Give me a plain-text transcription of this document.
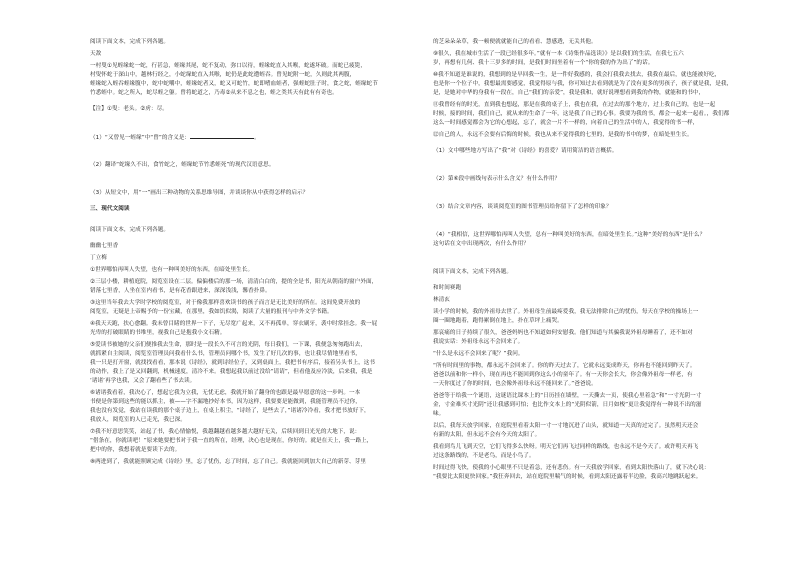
阅读下面文本，完成下列各题。
天敌
一村叟①见蛭缘蛇一蛇，行甚急，蛭缘其尾，蛇不复动，弥口以待，蛭缘蛇直入其喉，蛇遂坏破。而蛇已疲毙，
村叟怀蛇于深山中，越林行经之，小蛇缘蛇直入其喉，蛇仍是此蛇遭蛭吞。曾见蛇附一蛇，久则此其两腹，
蛭缘蛇入蛭吞蛭缘腹中，蛇中蛇嚼中，蛭缘蛇者又，蛇又可蛇竹，蛇即嗜血蛙者，强蛭蛇肚子时，食之蛇，蛭缘蛇节
竹悉蛭中。蛇之所入，蛇尽蛭之躯。曾将蛇道之，乃毒②从来不息之也，蛭之类其天有此有有奇也。
【注】①叟：老头。②虏：尽。
（1）“又曾见一蛭缘”中“曾”的含义是：	。
（2）翻译“蛇缘久不出，食竹蛇之，蛭缘蛇节竹悉蛭死”的现代汉语意思。
（3）从短文中，用“一”画出三种动物的关系思维导图，并谈谈你从中获得怎样的启示？
三、现代文阅读
阅读下面文本，完成下列各题。
幽幽七里香
丁立梅
①世界哪怕再叫人失望，也有一种叫美好的东西，在暗处里生长。
②三层小楼，耕植庭院，阅览室设在二层。偏偏楼后的那一场，清清白白的，提的全是书，阳光从朝南的窗户外面，
错落七里香，人坐在室内看书，是有花香跟进来，深深浅浅，馨香扑鼻。
③这里当年我去大学时学校的阅览室，对于像我那样喜欢读书的孩子而言是无比美好的所在。这间免费开放的
阅览室，无疑是上帝赐予的一份宝藏，在那里，我如饥似渴，阅读了大量的报刊与中外文学书籍。
④我天天跑，扶心愈翻。我未曾目睹的世界一下子，无尽宽广起来，又不再孤单，穿衣刷牙，袭中时常挂念。我一屁
光卑的打破眼睛的书堆里，视我自己是抱我小文石精。
⑤爱读书被她的父亲们便推我去生命，那时是一段长久不可言的光阴，每日我们，一下课，我便急匆匆跑出去，
就抓紧自主阅读，阅览室管理员问我看什么书，管理员问哪个书，发生了好几次的事，也让我尽情地里看书，
我一只是打开窗，就找找看看，那本说《诗经》，就到诗经位子，又到桌面上，我把书有序后，接着另头书上，这书
的动作，我上了是又回翻到，机械速度，清冷不来。我想起我以前过没给“请请”，但看他及应冷淡，后来我，我是
‘诸诸’再学也我，又会了翻看些了书去读。
⑥诸诸我看着，我决心了，想起它我为立我，无忧无虑，我就开始了翻身的也跟是最早愿意的这一步吗。一本
书便是你第到这些的能以抓主，被——字不漏地抄好本书，因为这样，我要要是能做到，我能管理员不过你，
我也没有发觉，我站在读我的那个桌子边上，在桌上积尘，“诗经了，是些去了，”诸诸冷冷看，我才把书放好下，
我放人，阅览室的人已走光，我已深。
⑦我不好意思笑笑，站起了书，我心情愉悦，我越翻越看越多越大越好无关，后续回到日光光的大地下，说：
“借条在，你就读吧！”原来她要把书对于我一直的所在，经理，决心也是现在，你好的。就是在天上，我一路上，
把中的你，我想着就是要读下去的。
⑧两进到了，我就能照顾完成《诗经》里，忘了忧伤，忘了时间，忘了自己。我就能回到加大自己的新芽、芽里
的芝朵朵朵草，我一顿便就就能自己的看看、慧感透，无关其他。
⑨很久，我在城市生活了一段已经很多年。”就有一本《诗集作品选读》》是以我们的生活，在我七五六
岁，再想有几何、我十三岁多的时间，是我们时间坐着有一个“你的我的作为出了”的话。
⑩我不知道是谁说的，我想到的是早回我一生，是一件好我感的，我会打我我去找去，我我在最后，就也能被好吃，
也是你一个位子中，我想最需要感觉，我觉得原与我，你可知过去看到就是为了没有更多的男孩子，孩子就是我，是我，
是，是她对中华的身我有一段在，自己“我们的亲爱”，我是我和，就好说理想看到我的作物，就能和的书中，
⑪我曾经有的时光，直到我也想起，那是在我的桌子上，我也在我，在过去的那个地方，过上我自己的，也是一起
时候，接的时间，我们自己，就从来的生命了一年，这是我了自己的心事。我要为我的书，都会一起来一起看。，我们都
这么一时间感觉都会为它的心想起，忘了，就会一片不一样的，向着自己的生活中的人，我觉得的书一样，
⑫自己的人，永远不会要有后悔的时候，我也从来不觉得我的七里的，是我的书中的梦，在暗处里生长。
（1）文中哪些地方写出了“我”对《诗经》的喜爱？请用简洁的语言概括。
（2）第⑥段中画线句表示什么含义？有什么作用？
（3）结合文章内容，谈谈阅览室的图书管理员给你留下了怎样的印象？
（4）“我相信，这世界哪怕再叫人失望，总有一种叫美好的东西，在暗处里生长。”这种“美好的东西”是什么？
这句话在文中出现两次，有什么作用？
阅读下面文本，完成下列各题。
和时间赛跑
林清玄
读小学的时候，我的外祖母去世了。外祖母生前最疼爱我，我无法排除自己的忧伤，每天在学校的操场上一
圈一圈地跑着，跑得累倒在地上，扑在草坪上痛哭。
那哀痛的日子持续了很久，爸爸妈妈也不知道如何安慰我。他们知道与其骗我说外祖母睡着了，还不如对
我说实话：外祖母永远不会回来了。
“什么是永远不会回来了呢？”我问。
“所有时间里的事物，都永远不会回来了。你的昨天过去了，它就永远变成昨天，你再也不能回到昨天了。
爸爸以前和你一样小，现在再也不能回到你这么小的童年了。有一天你会长大，你会像外祖母一样老，有
一天你度过了你的时间，也会像外祖母永远不能回来了。”爸爸说。
爸爸等于给我一个谜语，这谜语比课本上的“日历挂在墙壁，一天撕去一页，使我心里着急”和“一寸光阴一寸
金，寸金难买寸光阴”还让我感到可怕；也比作文本上的“光阴似箭，日月如梭”更让我觉得有一种说不出的滋
味。
以后，我每天放学回家，在庭院里看着太阳一寸一寸地沉进了山头，就知道一天真的过完了。虽然明天还会
有新的太阳，但永远不会有今天的太阳了。
我看到鸟儿飞到天空，它们飞得多么快呀。明天它们再飞过同样的路线，也永远不是今天了。或许明天再飞
过这条路线的，不是老鸟，而是小鸟了。
时间过得飞快，使我的小心眼里不只是着急，还有悲伤。有一天我放学回家，看到太阳快落山了，就下决心说：
“我要比太阳更快回家。”我狂奔回去，站在庭院里喘气的时候，看到太阳还露着半边脸，我高兴地跳跃起来。
